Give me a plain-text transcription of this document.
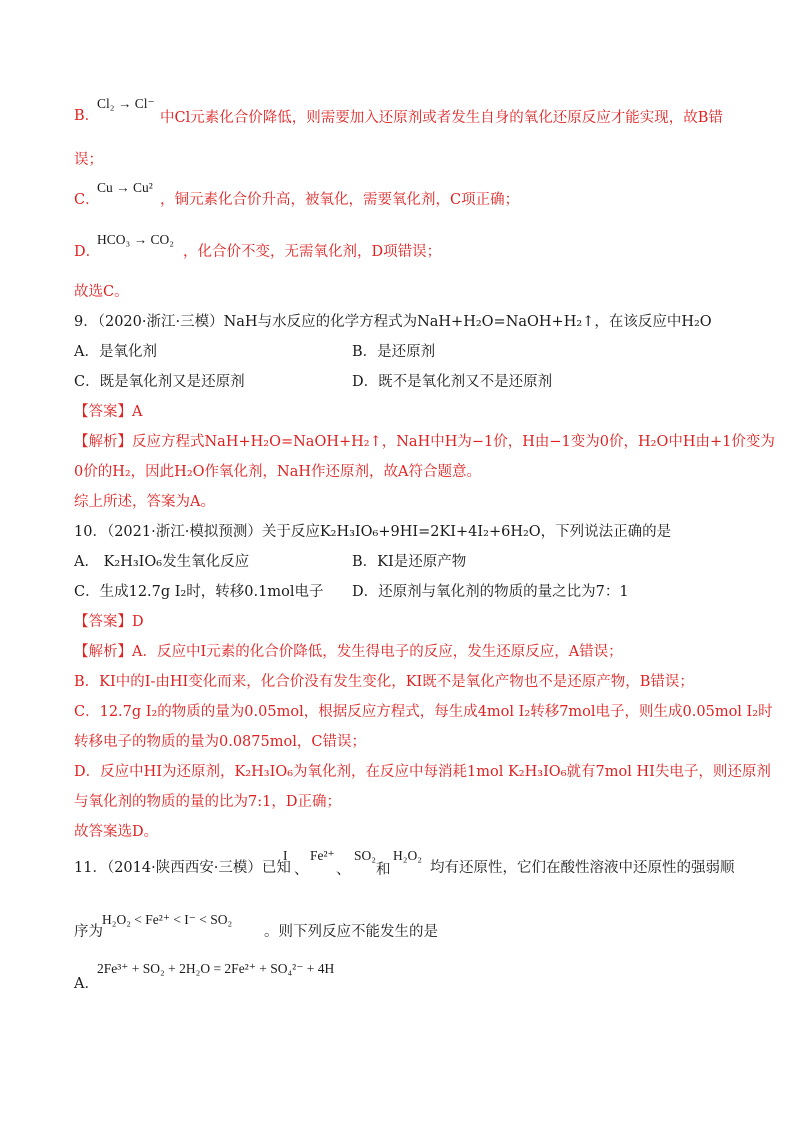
B．
Cl₂ → Cl⁻
中Cl元素化合价降低，则需要加入还原剂或者发生自身的氧化还原反应才能实现，故B错
误；
C．
Cu → Cu²
，铜元素化合价升高，被氧化，需要氧化剂，C项正确；
D．
HCO₃ → CO₂
，化合价不变，无需氧化剂，D项错误；
故选C。
9．（2020·浙江·三模）NaH与水反应的化学方程式为NaH+H₂O=NaOH+H₂↑，在该反应中H₂O
A．是氧化剂	B．是还原剂
C．既是氧化剂又是还原剂	D．既不是氧化剂又不是还原剂
【答案】A
【解析】反应方程式NaH+H₂O=NaOH+H₂↑，NaH中H为−1价，H由−1变为0价，H₂O中H由+1价变为
0价的H₂，因此H₂O作氧化剂，NaH作还原剂，故A符合题意。
综上所述，答案为A。
10．（2021·浙江·模拟预测）关于反应K₂H₃IO₆+9HI=2KI+4I₂+6H₂O，下列说法正确的是
A． K₂H₃IO₆发生氧化反应	B．KI是还原产物
C．生成12.7g I₂时，转移0.1mol电子 D．还原剂与氧化剂的物质的量之比为7：1
【答案】D
【解析】A．反应中I元素的化合价降低，发生得电子的反应，发生还原反应，A错误；
B．KI中的I-由HI变化而来，化合价没有发生变化，KI既不是氧化产物也不是还原产物，B错误；
C．12.7g I₂的物质的量为0.05mol，根据反应方程式，每生成4mol I₂转移7mol电子，则生成0.05mol I₂时
转移电子的物质的量为0.0875mol，C错误；
D．反应中HI为还原剂，K₂H₃IO₆为氧化剂，在反应中每消耗1mol K₂H₃IO₆就有7mol HI失电子，则还原剂
与氧化剂的物质的量的比为7:1，D正确；
故答案选D。
11．（2014·陕西西安·三模）已知
I
、
Fe²⁺
、
SO₂
和
H₂O₂
均有还原性，它们在酸性溶液中还原性的强弱顺
序为
H₂O₂ < Fe²⁺ < I⁻ < SO₂
。则下列反应不能发生的是
A．
2Fe³⁺ + SO₂ + 2H₂O = 2Fe²⁺ + SO₄²⁻ + 4H
